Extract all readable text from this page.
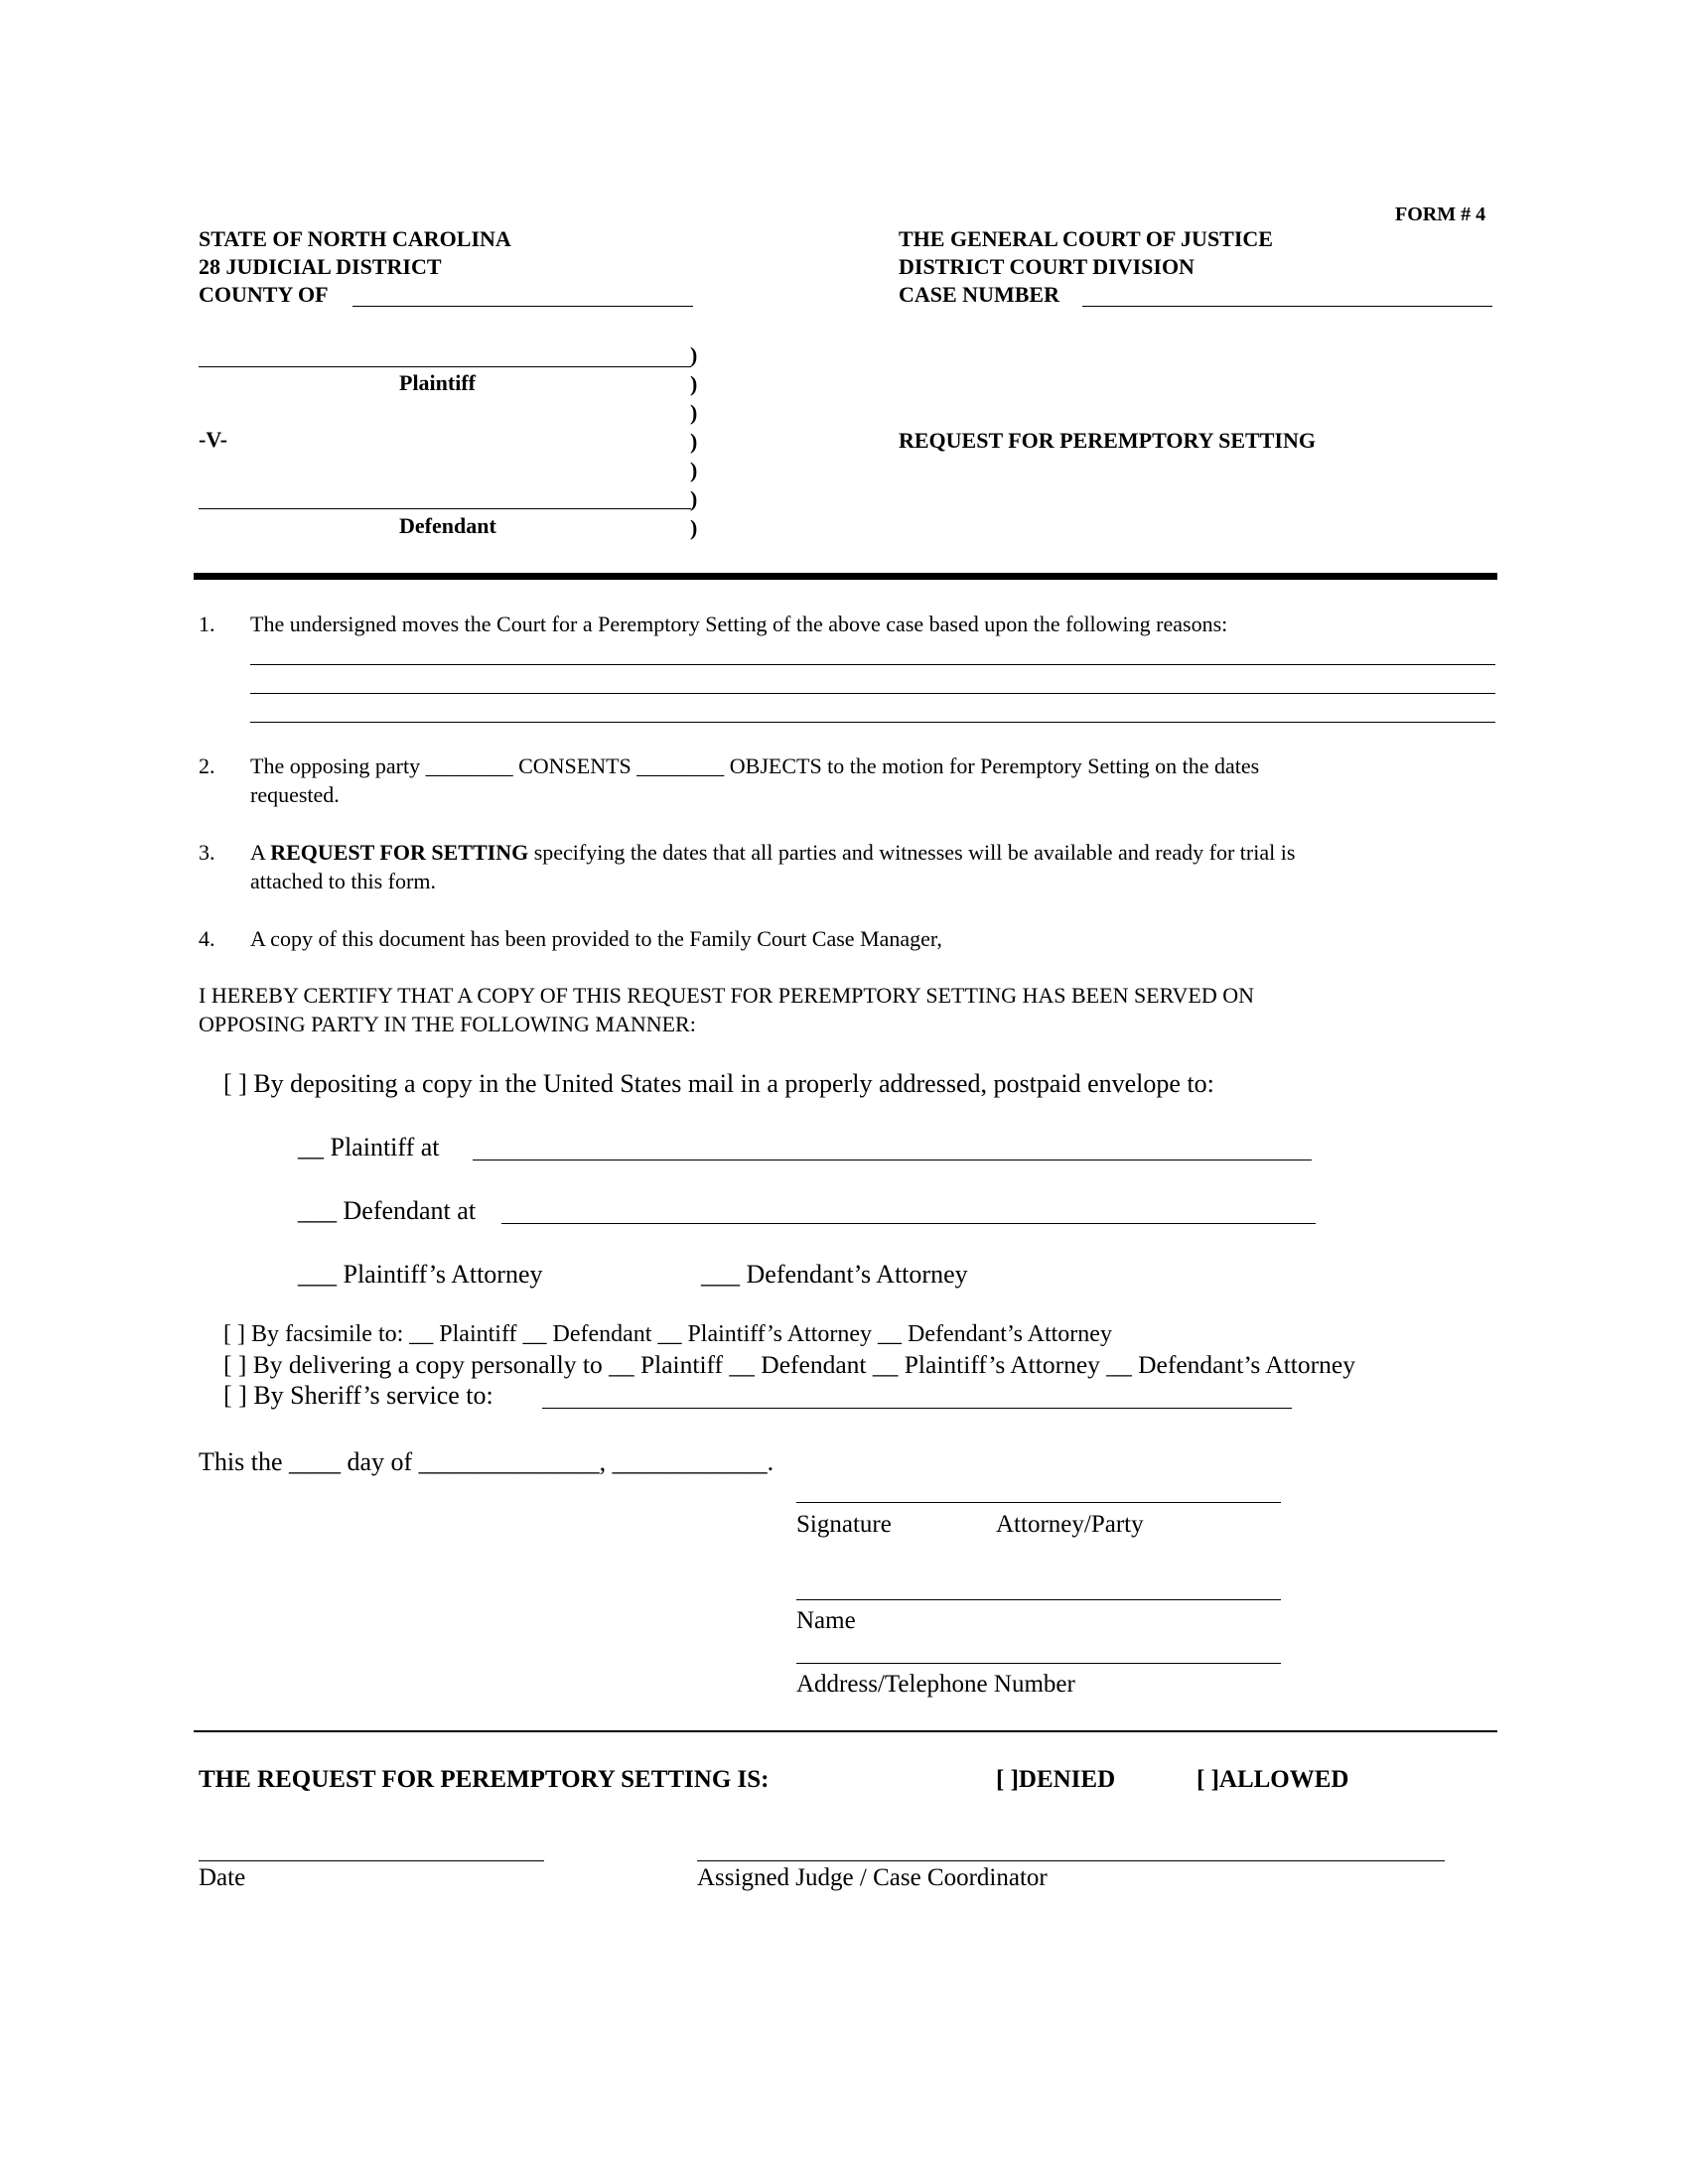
FORM # 4
STATE OF NORTH CAROLINA
28 JUDICIAL DISTRICT
COUNTY OF
THE GENERAL COURT OF JUSTICE
DISTRICT COURT DIVISION
CASE NUMBER
Plaintiff
-V-
Defendant
)
)
)
)
)
)
)
REQUEST FOR PEREMPTORY SETTING
1. The undersigned moves the Court for a Peremptory Setting of the above case based upon the following reasons:
2. The opposing party ________ CONSENTS ________ OBJECTS to the motion for Peremptory Setting on the dates
requested.
3. A REQUEST FOR SETTING specifying the dates that all parties and witnesses will be available and ready for trial is
attached to this form.
4. A copy of this document has been provided to the Family Court Case Manager,
I HEREBY CERTIFY THAT A COPY OF THIS REQUEST FOR PEREMPTORY SETTING HAS BEEN SERVED ON
OPPOSING PARTY IN THE FOLLOWING MANNER:
[ ] By depositing a copy in the United States mail in a properly addressed, postpaid envelope to:
__ Plaintiff at
___ Defendant at
___ Plaintiff’s Attorney	___ Defendant’s Attorney
[ ] By facsimile to: __ Plaintiff __ Defendant __ Plaintiff’s Attorney __ Defendant’s Attorney
[ ] By delivering a copy personally to __ Plaintiff __ Defendant __ Plaintiff’s Attorney __ Defendant’s Attorney
[ ] By Sheriff’s service to:
This the ____ day of ______________, ____________.
Signature	Attorney/Party
Name
Address/Telephone Number
THE REQUEST FOR PEREMPTORY SETTING IS:	[ ]DENIED	[ ]ALLOWED
Date	Assigned Judge / Case Coordinator
